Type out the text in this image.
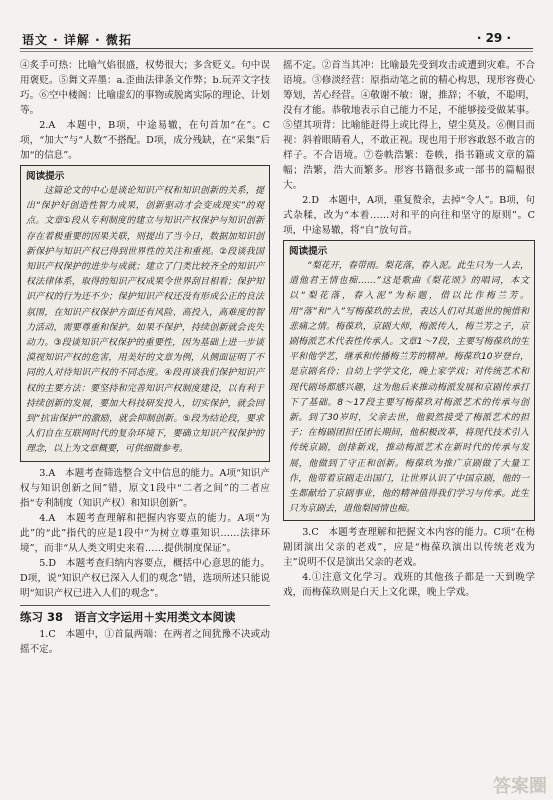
语文 · 详解 · 微拓	· 29 ·

④炙手可热：比喻气焰很盛，权势很大；多含贬义。句中误用褒贬。⑤舞文弄墨：a.歪曲法律条文作弊；b.玩弄文字技巧。⑥空中楼阁：比喻虚幻的事物或脱离实际的理论、计划等。

2.A　本题中，B项，中途易辙，在句首加“在”。C项，“加大”与“人数”不搭配。D项，成分残缺，在“采集”后加“的信息”。

阅读提示
这篇论文的中心是谈论知识产权和知识创新的关系，提出“保护好创造性智力成果，创新驱动才会变成现实”的观点。文章①段从专利制度的建立与知识产权保护与知识创新存在着极重要的因果关联，则提出了当今日，数据加知识创新保护与知识产权已得到世界性的关注和重视。②段谈我国知识产权保护的进步与成就；建立了门类比较齐全的知识产权法律体系，取得的知识产权成果令世界刮目相看；保护知识产权的行为还不少；保护知识产权还没有形成公正的良法氛围，在知识产权保护方面还有风险、高投入，高难度的智力活动，需要尊重和保护。如果不保护，持续创新就会丧失动力。③段谈知识产权保护的重要性，因为基础上进一步谈漠视知识产权的危害，用美好的文章为例，从侧面证明了不同的人对待知识产权的不同态度。④段再谈我们保护知识产权的主要方法：要坚持和完善知识产权制度建设，以有利于持续创新的发展，要加大科技研发投入，切实保护，就会回到“抗宙保护”的激励，就会抑制创新。⑤段为结论段，要求人们自在互联网时代的复杂环境下，要确立知识产权保护的理念，以上为文章概要，可供细微参考。

3.A　本题考查筛选整合文中信息的能力。A项“知识产权与知识创新之间”错，原文1段中“二者之间”的二者应指“专利制度（知识产权）和知识创新”。

4.A　本题考查理解和把握内容要点的能力。A项“为此”的“此”指代的应是1段中“为树立尊重知识……法律环境”，而非“从人类文明史来看……提供制度保证”。

5.D　本题考查归纳内容要点，概括中心意思的能力。D项，说“知识产权已深入人们的观念”错，选项所述只能说明“知识产权已进入人们的观念”。

练习 38　语言文字运用＋实用类文本阅读

1.C　本题中，①首鼠两端：在两者之间犹豫不决或动摇不定。

摇不定。②首当其冲：比喻最先受到攻击或遭到灾难。不合语境。③修淡经营：原指动笔之前的精心构思，现形容费心筹划，苦心经营。④敬谢不敏：谢，推辞；不敏，不聪明，没有才能。恭敬地表示自己能力不足，不能够接受做某事。⑤望其项背：比喻能赶得上或比得上，望尘莫及。⑥侧目而视：斜着眼睛看人，不敢正视。现也用于形容敢怒不敢言的样子。不合语境。⑦卷帙浩繁：卷帙，指书籍或文章的篇幅；浩繁，浩大而繁多。形容书籍很多或一部书的篇幅很大。

2.D　本题中，A项，重复赘余，去掉“令人”。B项，句式杂糅，改为“本着……对和平的向往和坚守的原则”。C项，中途易辙，将“自”放句首。

阅读提示
“梨花开，春带雨。梨花落，春入泥。此生只为一人去，道他君王情也痴……”这是歌曲《梨花颂》的唱词，本文以“梨花落，春入泥”为标题，借以比作梅兰芳。用“落”和“入”写梅葆玖的去世，表达人们对其逝世的惋惜和悲痛之情。梅葆玖，京剧大师，梅派传人，梅兰芳之子，京剧梅派艺术代表性传承人。文章1～7段，主要写梅葆玖的生平和他学艺，继承和传播梅兰芳的精神。梅葆玖10岁登台，是京剧名伶；自幼上学学文化，晚上家学戏；对传统艺术和现代剧场都感兴趣，这为他后来推动梅派发展和京剧传承打下了基础。8～17段主要写梅葆玖对梅派艺术的传承与创新。到了30岁时，父亲去世，他毅然接受了梅派艺术的担子；在梅剧团担任团长期间，他积极改革，将现代技术引入传统京剧，创排新戏，推动梅派艺术在新时代的传承与发展，他做到了守正和创新。梅葆玖为推广京剧做了大量工作，他带着京剧走出国门，让世界认识了中国京剧，他的一生都献给了京剧事业，他的精神值得我们学习与传承。此生只为京剧去，道他梨园情也痴。

3.C　本题考查理解和把握文本内容的能力。C项“在梅剧团演出父亲的老戏”，应是“梅葆玖演出以传统老戏为主”说明不仅是演出父亲的老戏。

4.①注意文化学习。戏班的其他孩子都是一天到晚学戏，而梅葆玖则是白天上文化课，晚上学戏。

答案圈
